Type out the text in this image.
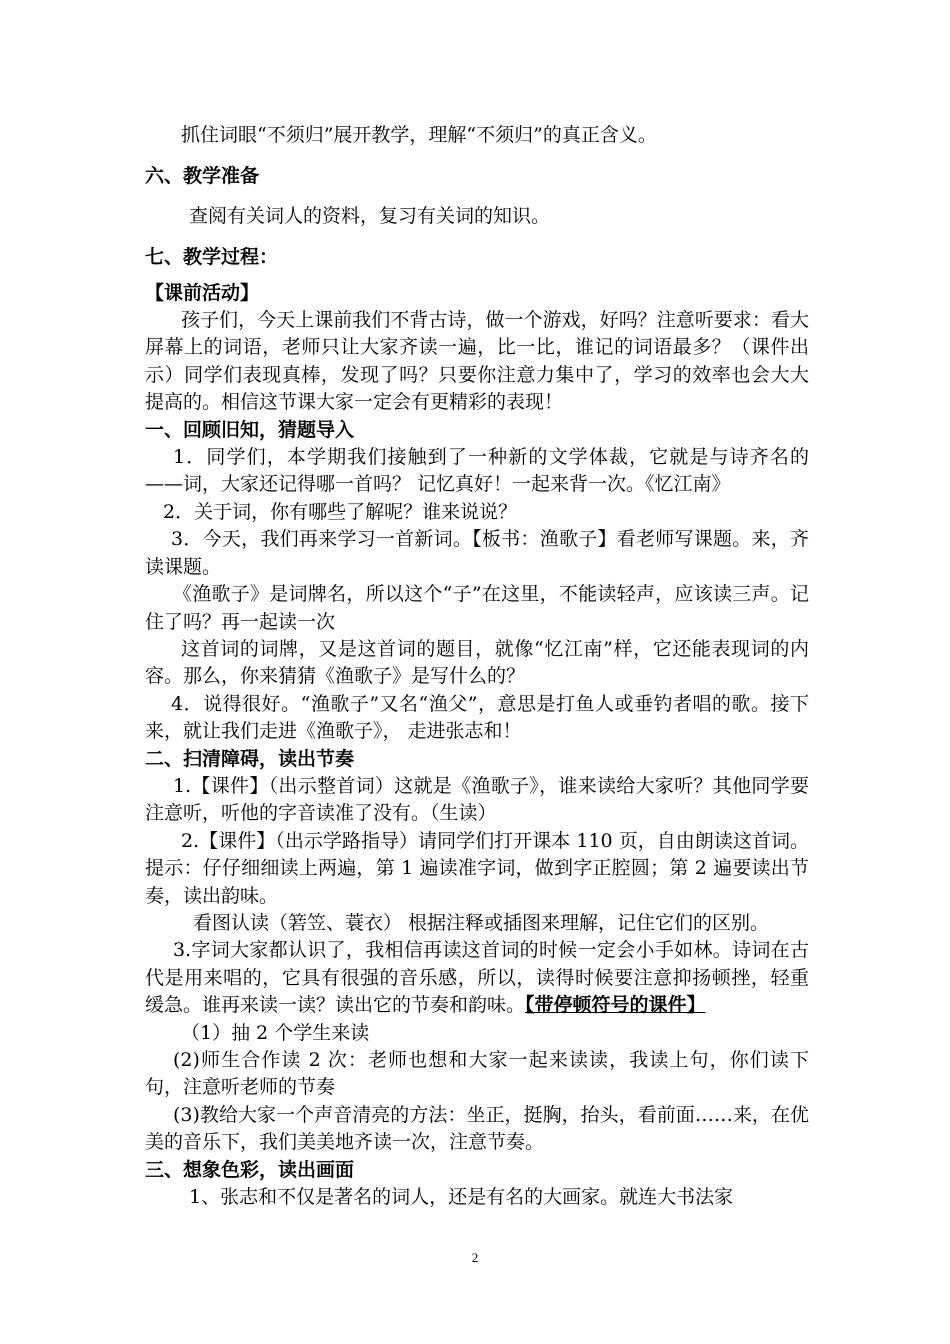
抓住词眼“不须归”展开教学，理解“不须归”的真正含义。

六、教学准备

查阅有关词人的资料，复习有关词的知识。

七、教学过程：

【课前活动】

孩子们，今天上课前我们不背古诗，做一个游戏，好吗？注意听要求：看大屏幕上的词语，老师只让大家齐读一遍，比一比，谁记的词语最多？（课件出示）同学们表现真棒，发现了吗？只要你注意力集中了，学习的效率也会大大提高的。相信这节课大家一定会有更精彩的表现！

一、回顾旧知，猜题导入

1．同学们，本学期我们接触到了一种新的文学体裁，它就是与诗齐名的——词，大家还记得哪一首吗？ 记忆真好！一起来背一次。《忆江南》

2．关于词，你有哪些了解呢？谁来说说？

3．今天，我们再来学习一首新词。【板书：渔歌子】看老师写课题。来，齐读课题。

《渔歌子》是词牌名，所以这个“子”在这里，不能读轻声，应该读三声。记住了吗？再一起读一次

这首词的词牌，又是这首词的题目，就像“忆江南”样，它还能表现词的内容。那么，你来猜猜《渔歌子》是写什么的？

4．说得很好。“渔歌子”又名“渔父”，意思是打鱼人或垂钓者唱的歌。接下来，就让我们走进《渔歌子》， 走进张志和！

二、扫清障碍，读出节奏

1.【课件】（出示整首词）这就是《渔歌子》，谁来读给大家听？其他同学要注意听，听他的字音读准了没有。（生读）

2.【课件】（出示学路指导）请同学们打开课本 110 页，自由朗读这首词。提示：仔仔细细读上两遍，第 1 遍读准字词，做到字正腔圆；第 2 遍要读出节奏，读出韵味。

看图认读（箬笠、蓑衣） 根据注释或插图来理解，记住它们的区别。

3.字词大家都认识了，我相信再读这首词的时候一定会小手如林。诗词在古代是用来唱的，它具有很强的音乐感，所以，读得时候要注意抑扬顿挫，轻重缓急。谁再来读一读？读出它的节奏和韵味。【带停顿符号的课件】

（1）抽 2 个学生来读

(2)师生合作读 2 次：老师也想和大家一起来读读，我读上句，你们读下句，注意听老师的节奏

(3)教给大家一个声音清亮的方法：坐正，挺胸，抬头，看前面……来，在优美的音乐下，我们美美地齐读一次，注意节奏。

三、想象色彩，读出画面

1、张志和不仅是著名的词人，还是有名的大画家。就连大书法家

2
